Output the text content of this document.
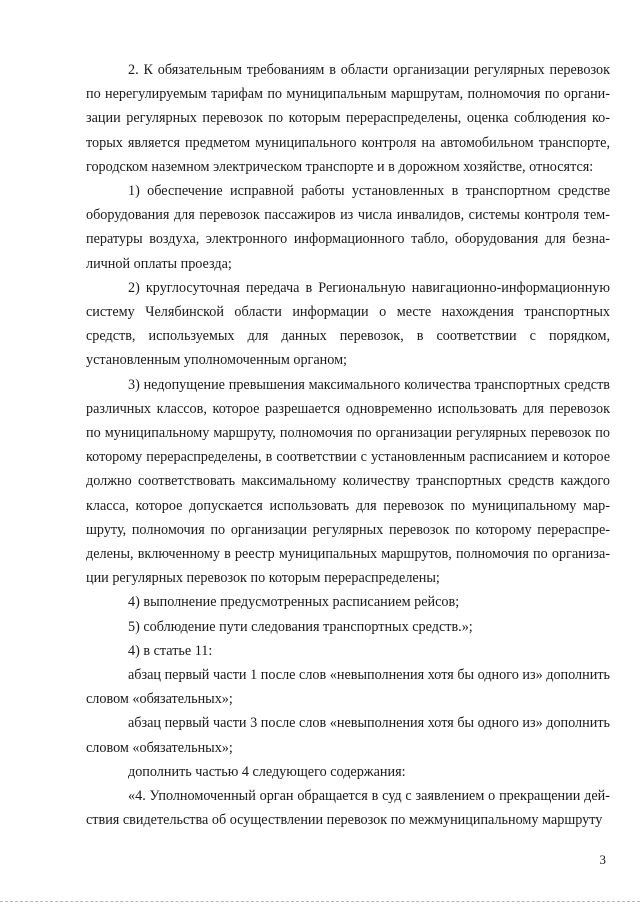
2. К обязательным требованиям в области организации регулярных перевозок по нерегулируемым тарифам по муниципальным маршрутам, полномочия по организации регулярных перевозок по которым перераспределены, оценка соблюдения которых является предметом муниципального контроля на автомобильном транспорте, городском наземном электрическом транспорте и в дорожном хозяйстве, относятся:

1) обеспечение исправной работы установленных в транспортном средстве оборудования для перевозок пассажиров из числа инвалидов, системы контроля температуры воздуха, электронного информационного табло, оборудования для безналичной оплаты проезда;

2) круглосуточная передача в Региональную навигационно-информационную систему Челябинской области информации о месте нахождения транспортных средств, используемых для данных перевозок, в соответствии с порядком, установленным уполномоченным органом;

3) недопущение превышения максимального количества транспортных средств различных классов, которое разрешается одновременно использовать для перевозок по муниципальному маршруту, полномочия по организации регулярных перевозок по которому перераспределены, в соответствии с установленным расписанием и которое должно соответствовать максимальному количеству транспортных средств каждого класса, которое допускается использовать для перевозок по муниципальному маршруту, полномочия по организации регулярных перевозок по которому перераспределены, включенному в реестр муниципальных маршрутов, полномочия по организации регулярных перевозок по которым перераспределены;

4) выполнение предусмотренных расписанием рейсов;

5) соблюдение пути следования транспортных средств.»;

4) в статье 11:

абзац первый части 1 после слов «невыполнения хотя бы одного из» дополнить словом «обязательных»;

абзац первый части 3 после слов «невыполнения хотя бы одного из» дополнить словом «обязательных»;

дополнить частью 4 следующего содержания:

«4. Уполномоченный орган обращается в суд с заявлением о прекращении действия свидетельства об осуществлении перевозок по межмуниципальному маршруту

3
